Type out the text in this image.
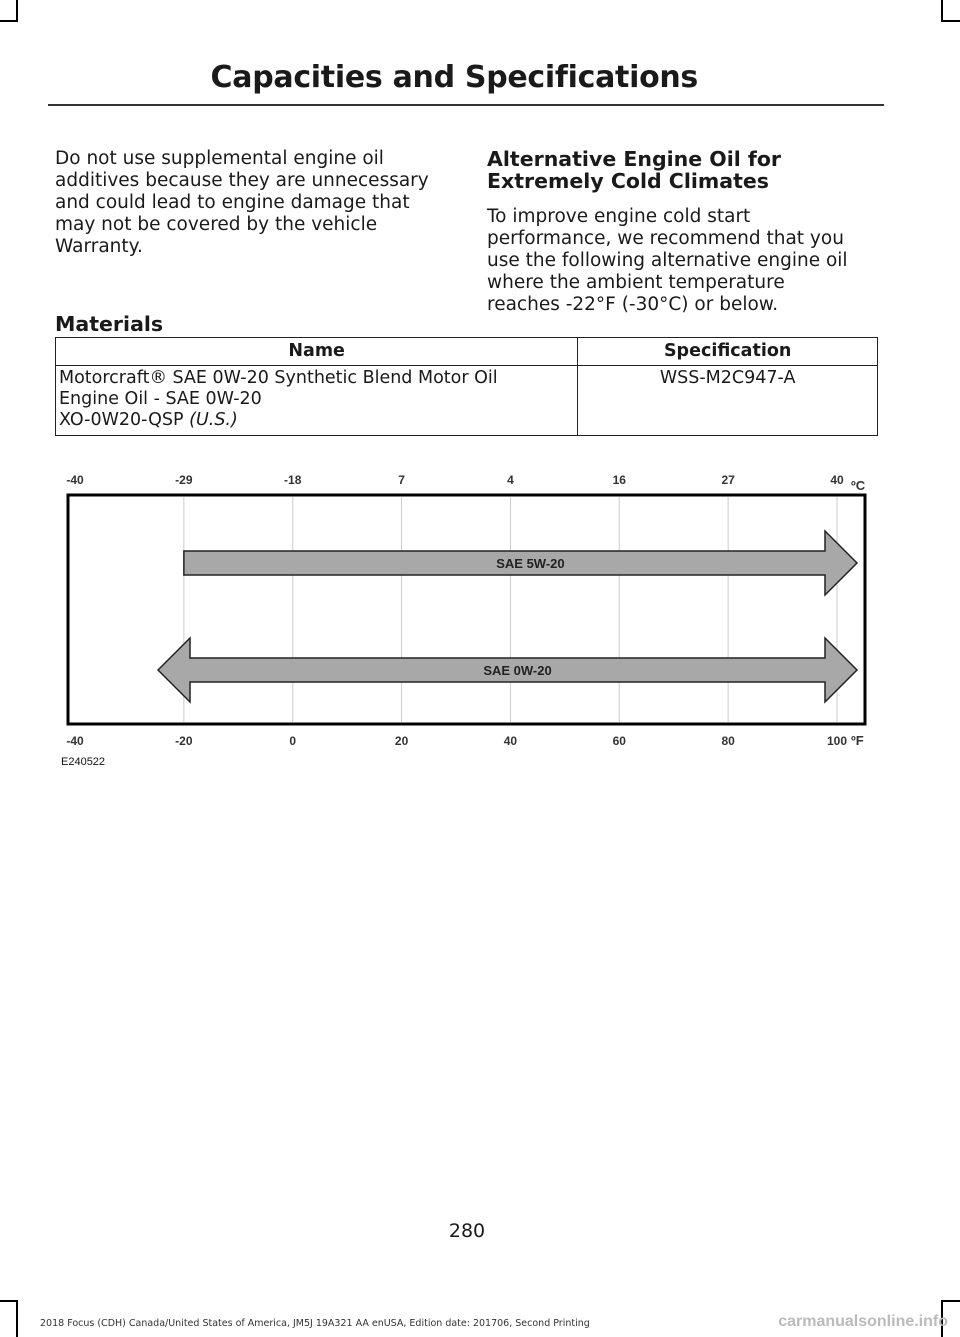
Capacities and Specifications

Do not use supplemental engine oil additives because they are unnecessary and could lead to engine damage that may not be covered by the vehicle Warranty.

Alternative Engine Oil for
Extremely Cold Climates

To improve engine cold start performance, we recommend that you use the following alternative engine oil where the ambient temperature reaches -22°F (-30°C) or below.

Materials
Name	Specification
Motorcraft® SAE 0W-20 Synthetic Blend Motor Oil
Engine Oil - SAE 0W-20
XO-0W20-QSP (U.S.)	WSS-M2C947-A
SAE 5W-20
SAE 0W-20
-40
-40
-20
-29
0
-18
20
7
40
4
60
16
80
27
100
40 ºC
ºF
E240522
280
2018 Focus (CDH) Canada/United States of America, JM5J 19A321 AA enUSA, Edition date: 201706, Second Printing	carmanualsonline.info
